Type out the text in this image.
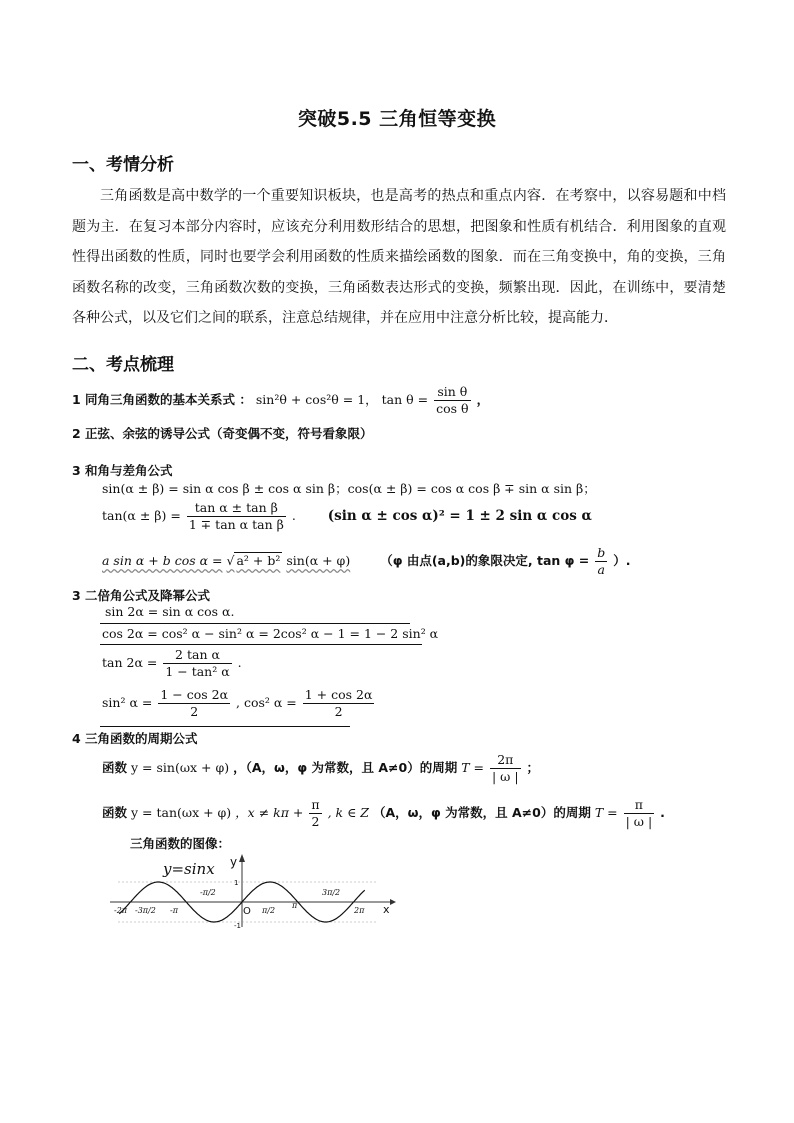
突破5.5 三角恒等变换
一、考情分析
三角函数是高中数学的一个重要知识板块，也是高考的热点和重点内容．在考察中，以容易题和中档题为主．在复习本部分内容时，应该充分利用数形结合的思想，把图象和性质有机结合．利用图象的直观性得出函数的性质，同时也要学会利用函数的性质来描绘函数的图象．而在三角变换中，角的变换，三角函数名称的改变，三角函数次数的变换，三角函数表达形式的变换，频繁出现．因此，在训练中，要清楚各种公式，以及它们之间的联系，注意总结规律，并在应用中注意分析比较，提高能力．
二、考点梳理
1 同角三角函数的基本关系式 ： sin²θ + cos²θ = 1， $\tan \theta = \frac{\text{sin θ}}{\text{cos θ}}$ ，
2 正弦、余弦的诱导公式（奇变偶不变，符号看象限）
3 和角与差角公式
sin(α ± β) = sin α cos β ± cos α sin β；cos(α ± β) = cos α cos β ∓ sin α sin β；
$\tan(\alpha \pm \beta) = \frac{\text{tan α ± tan β}}{\text{1 ∓ tan α tan β}}$ . (sin α ± cos α)² = 1 ± 2 sin α cos α
a sin α + b cos α = √ a² + b² sin(α + φ) （φ 由点(a,b)的象限决定, $\tan \varphi = \frac{b}{a}$ ）.
3 二倍角公式及降幂公式
sin 2α = sin α cos α.
cos 2α = cos² α − sin² α = 2cos² α − 1 = 1 − 2 sin² α
$\tan 2\alpha = \frac{\text{2 tan α}}{\text{1 − tan² α}}$ .
sin² $\alpha = \frac{1 - \cos 2\alpha}{2}$ , cos² $\alpha = \frac{1 + \cos 2\alpha}{2}$
4 三角函数的周期公式
函数 y = sin(ωx + φ) ，（A，ω，φ 为常数，且 A≠0）的周期 $T = \frac{2\pi}{| \omega |}$ ；
函数 y = tan(ωx + φ) ，$x \ne k\pi + \frac{\pi}{2}$ , k ∈ Z （A，ω，φ 为常数，且 A≠0）的周期 $T = \frac{\pi}{| \omega |}$ .
三角函数的图像：
y=sinx y
x
O
1
-1
-2π -3π/2 -π
-π/2
π/2
π
3π/2
2π
